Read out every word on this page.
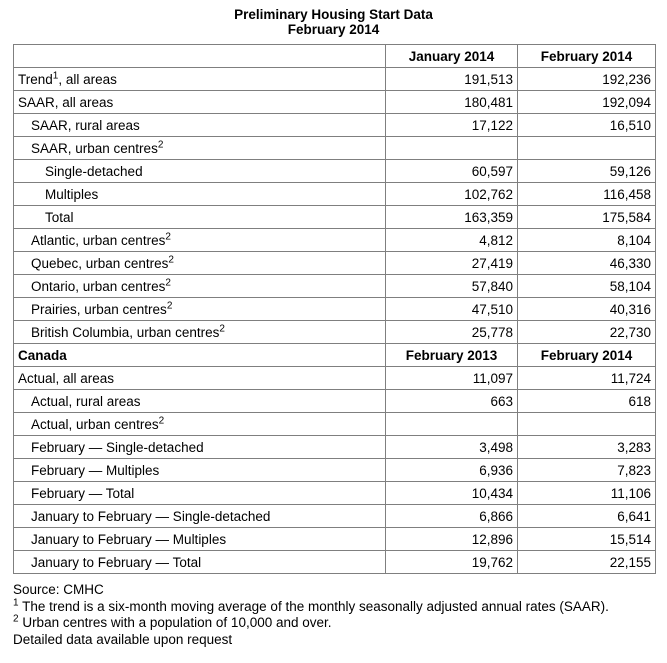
Preliminary Housing Start Data
February 2014
	January 2014	February 2014
Trend$^1$, all areas	191,513	192,236
SAAR, all areas	180,481	192,094
SAAR, rural areas	17,122	16,510
SAAR, urban centres$^2$		
Single-detached	60,597	59,126
Multiples	102,762	116,458
Total	163,359	175,584
Atlantic, urban centres$^2$	4,812	8,104
Quebec, urban centres$^2$	27,419	46,330
Ontario, urban centres$^2$	57,840	58,104
Prairies, urban centres$^2$	47,510	40,316
British Columbia, urban centres$^2$	25,778	22,730
Canada	February 2013	February 2014
Actual, all areas	11,097	11,724
Actual, rural areas	663	618
Actual, urban centres$^2$		
February — Single-detached	3,498	3,283
February — Multiples	6,936	7,823
February — Total	10,434	11,106
January to February — Single-detached	6,866	6,641
January to February — Multiples	12,896	15,514
January to February — Total	19,762	22,155
Source: CMHC
$^1$ The trend is a six-month moving average of the monthly seasonally adjusted annual rates (SAAR).
$^2$ Urban centres with a population of 10,000 and over.
Detailed data available upon request
